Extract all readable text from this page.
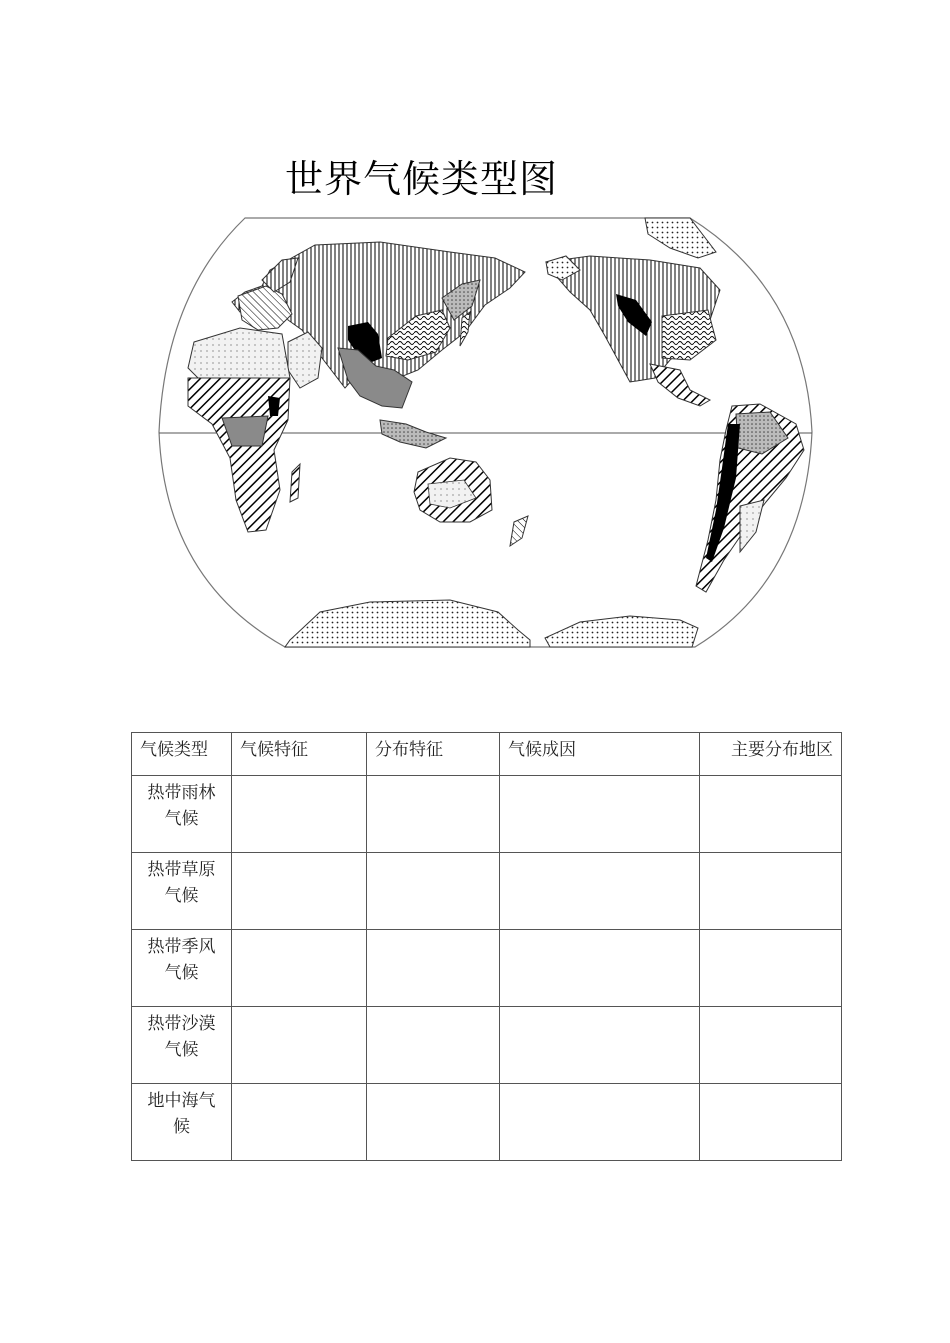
世界气候类型图
气候类型	气候特征	分布特征	气候成因	主要分布地区
热带雨林气候				
热带草原气候				
热带季风气候				
热带沙漠气候				
地中海气候				
